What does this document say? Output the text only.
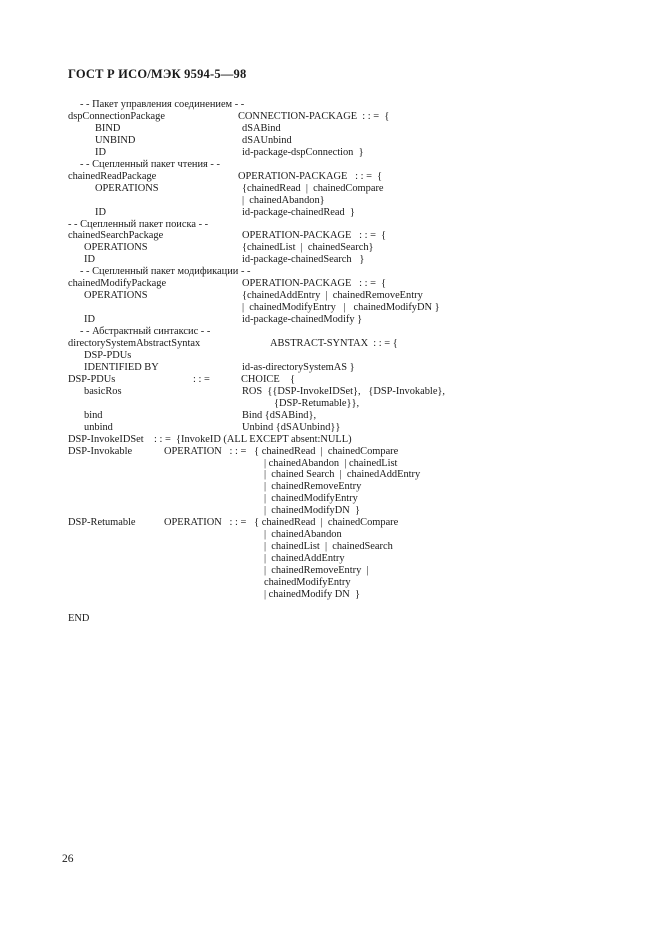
ГОСТ Р ИСО/МЭК 9594-5—98
- - Пакет управления соединением - -
dspConnectionPackage	CONNECTION-PACKAGE  : : =  {
BIND	dSABind
UNBIND	dSAUnbind
ID	id-package-dspConnection  }
- - Сцепленный пакет чтения - -
chainedReadPackage	OPERATION-PACKAGE   : : =  {
OPERATIONS	{chainedRead  |  chainedCompare
|  chainedAbandon}
ID	id-package-chainedRead  }
- - Сцепленный пакет поиска - -
chainedSearchPackage	OPERATION-PACKAGE   : : =  {
OPERATIONS	{chainedList  |  chainedSearch}
ID	id-package-chainedSearch   }
- - Сцепленный пакет модификации - -
chainedModifyPackage	OPERATION-PACKAGE   : : =  {
OPERATIONS	{chainedAddEntry  |  chainedRemoveEntry
|  chainedModifyEntry   |   chainedModifyDN }
ID	id-package-chainedModify }
- - Абстрактный синтаксис - -
directorySystemAbstractSyntax	ABSTRACT-SYNTAX  : : = {
DSP-PDUs
IDENTIFIED BY	id-as-directorySystemAS }
DSP-PDUs	: : =	CHOICE    {
basicRos	ROS  {{DSP-InvokeIDSet},   {DSP-Invokable},
{DSP-Retumable}},
bind	Bind {dSABind},
unbind	Unbind {dSAUnbind}}
DSP-InvokeIDSet    : : =  {InvokeID (ALL EXCEPT absent:NULL)
DSP-Invokable	OPERATION   : : =   { chainedRead  |  chainedCompare
| chainedAbandon  | chainedList
|  chained Search  |  chainedAddEntry
|  chainedRemoveEntry
|  chainedModifyEntry
|  chainedModifyDN  }
DSP-Retumable	OPERATION   : : =   { chainedRead  |  chainedCompare
|  chainedAbandon
|  chainedList  |  chainedSearch
|  chainedAddEntry
|  chainedRemoveEntry  |
chainedModifyEntry
| chainedModify DN  }
END
26
